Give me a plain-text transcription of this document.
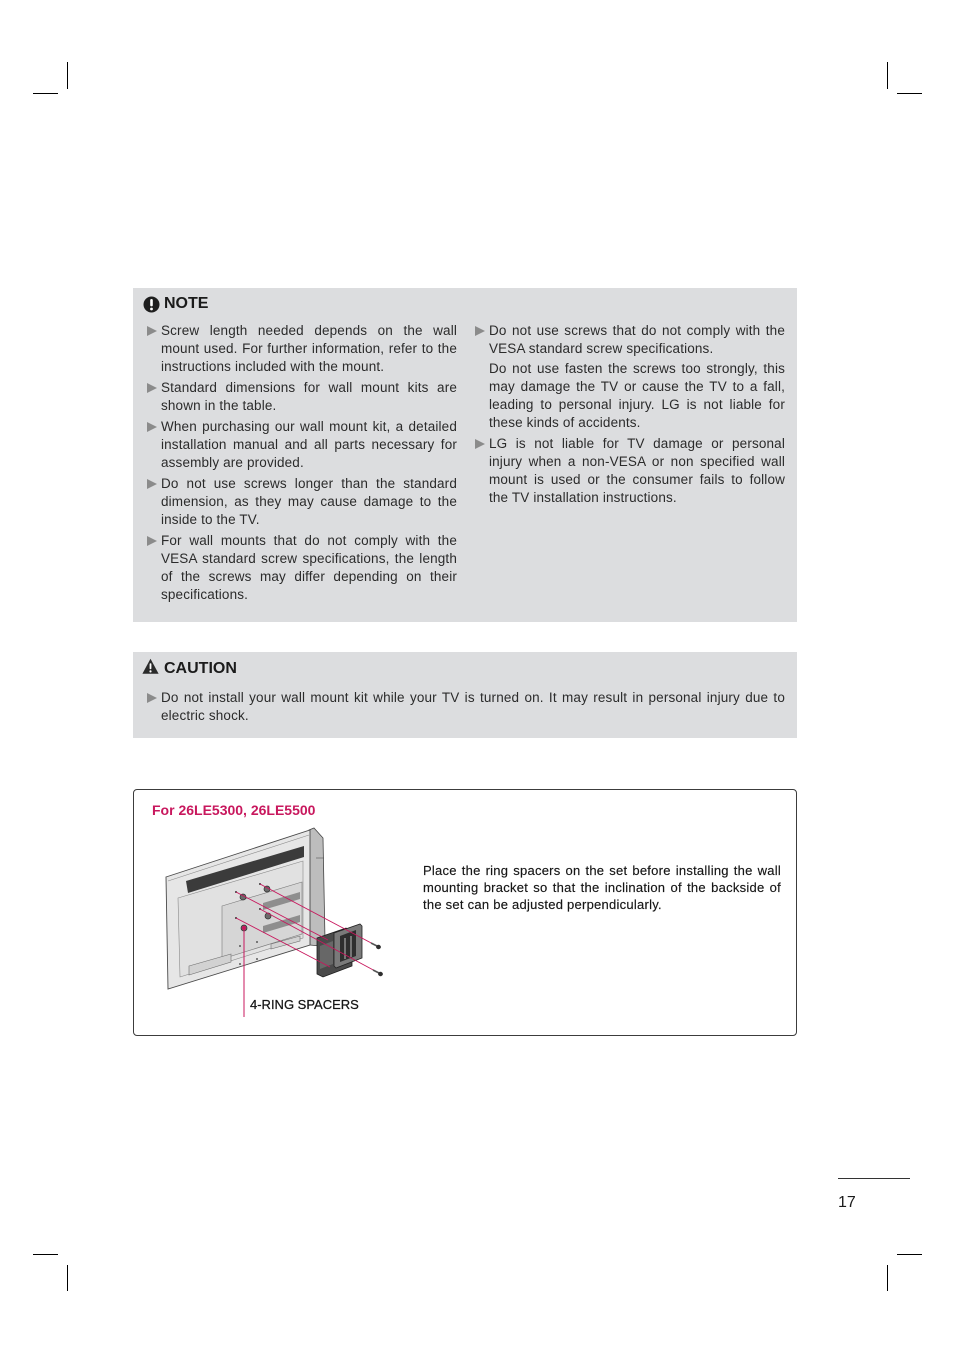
NOTE

Screw length needed depends on the wall mount used. For further information, refer to the instructions included with the mount.

Standard dimensions for wall mount kits are shown in the table.

When purchasing our wall mount kit, a detailed installation manual and all parts necessary for assembly are provided.

Do not use screws longer than the standard dimension, as they may cause damage to the inside to the TV.

For wall mounts that do not comply with the VESA standard screw specifications, the length of the screws may differ depending on their specifications.

Do not use screws that do not comply with the VESA standard screw specifications.

Do not use fasten the screws too strongly, this may damage the TV or cause the TV to a fall, leading to personal injury. LG is not liable for these kinds of accidents.

LG is not liable for TV damage or personal injury when a non-VESA or non specified wall mount is used or the consumer fails to follow the TV installation instructions.

CAUTION

Do not install your wall mount kit while your TV is turned on. It may result in personal injury due to electric shock.

For 26LE5300, 26LE5500

Place the ring spacers on the set before installing the wall mounting bracket so that the inclination of the backside of the set can be adjusted perpendicularly.

4-RING SPACERS
17
